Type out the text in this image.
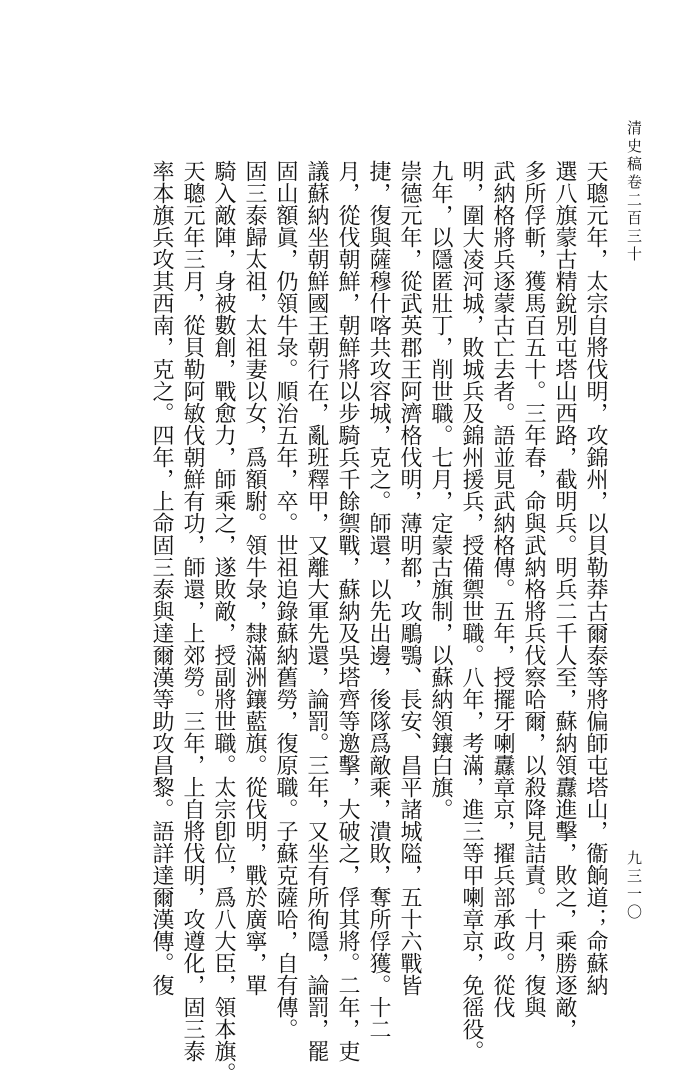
清史稿卷二百三十
九三一〇
天聰元年，太宗自將伐明，攻錦州，以貝勒莽古爾泰等將偏師屯塔山，衞餉道；命蘇納
選八旗蒙古精銳別屯塔山西路，截明兵。明兵二千人至，蘇納領纛進擊，敗之，乘勝逐敵，
多所俘斬，獲馬百五十。三年春，命與武納格將兵伐察哈爾，以殺降見詰責。十月，復與
武納格將兵逐蒙古亡去者。語並見武納格傳。五年，授擺牙喇纛章京，擢兵部承政。從伐
明，圍大凌河城，敗城兵及錦州援兵，授備禦世職。八年，考滿，進三等甲喇章京，免徭役。
九年，以隱匿壯丁，削世職。七月，定蒙古旗制，以蘇納領鑲白旗。
崇德元年，從武英郡王阿濟格伐明，薄明都，攻鵰鶚、長安、昌平諸城隘，五十六戰皆
捷，復與薩穆什喀共攻容城，克之。師還，以先出邊，後隊爲敵乘，潰敗，奪所俘獲。十二
月，從伐朝鮮，朝鮮將以步騎兵千餘禦戰，蘇納及吳塔齊等邀擊，大破之，俘其將。二年，吏
議蘇納坐朝鮮國王朝行在，亂班釋甲，又離大軍先還，論罰。三年，又坐有所徇隱，論罰，罷
固山額眞，仍領牛彔。順治五年，卒。世祖追錄蘇納舊勞，復原職。子蘇克薩哈，自有傳。
固三泰歸太祖，太祖妻以女，爲額駙。領牛彔，隸滿洲鑲藍旗。從伐明，戰於廣寧，單
騎入敵陣，身被數創，戰愈力，師乘之，遂敗敵，授副將世職。太宗卽位，爲八大臣，領本旗。
天聰元年三月，從貝勒阿敏伐朝鮮有功，師還，上郊勞。三年，上自將伐明，攻遵化，固三泰
率本旗兵攻其西南，克之。四年，上命固三泰與達爾漢等助攻昌黎。語詳達爾漢傳。復
